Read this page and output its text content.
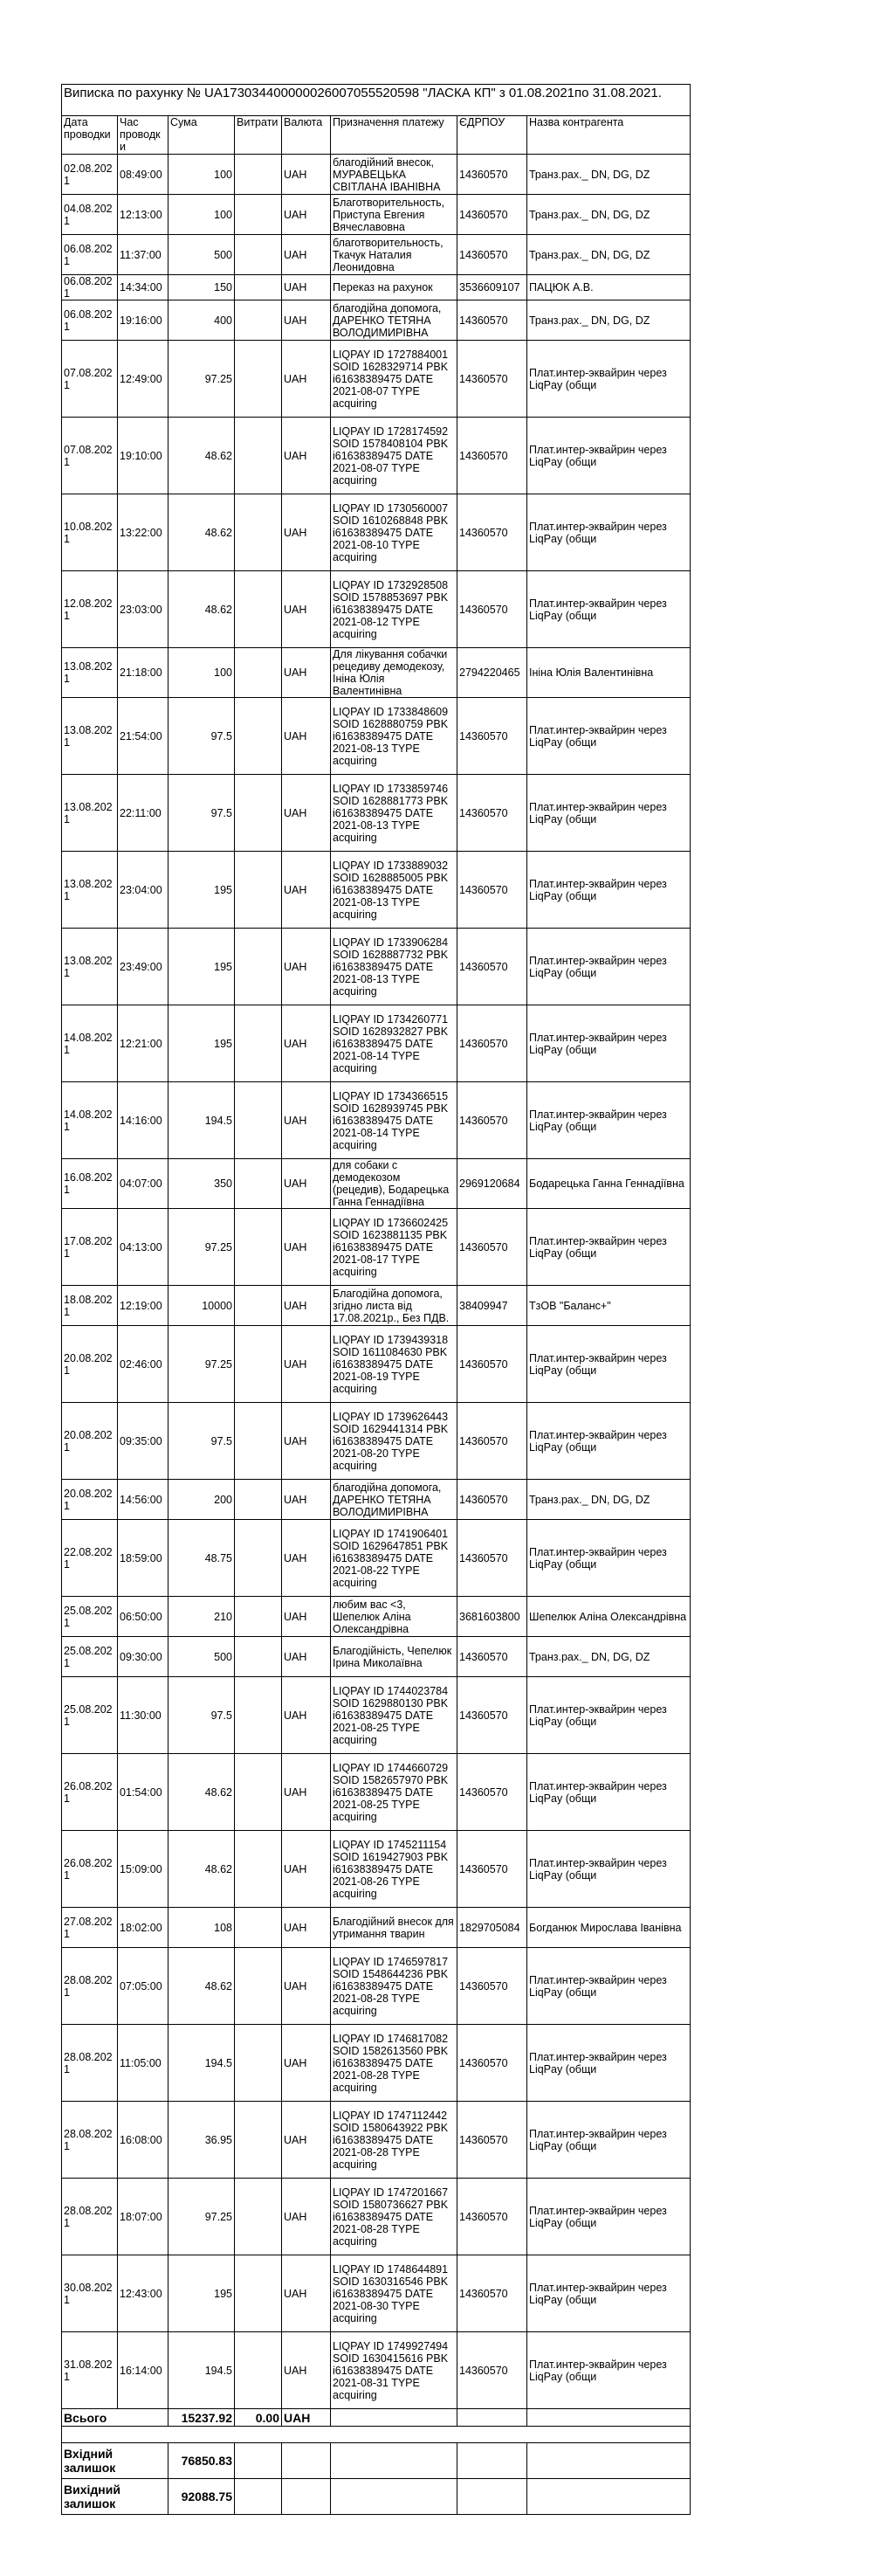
Виписка по рахунку № UA173034400000026007055520598 "ЛАСКА КП" з 01.08.2021по 31.08.2021.							
Дата проводки	Час проводки	Сума	Витрати	Валюта	Призначення платежу	ЄДРПОУ	Назва контрагента
02.08.2021	08:49:00	100		UAH	благодійний внесок, МУРАВЕЦЬКА СВІТЛАНА ІВАНІВНА	14360570	Транз.рах._ DN, DG, DZ
04.08.2021	12:13:00	100		UAH	Благотворительность, Приступа Евгения Вячеславовна	14360570	Транз.рах._ DN, DG, DZ
06.08.2021	11:37:00	500		UAH	благотворительность, Ткачук Наталия Леонидовна	14360570	Транз.рах._ DN, DG, DZ
06.08.2021	14:34:00	150		UAH	Переказ на рахунок	3536609107	ПАЦЮК А.В.
06.08.2021	19:16:00	400		UAH	благодійна допомога, ДАРЕНКО ТЕТЯНА ВОЛОДИМИРІВНА	14360570	Транз.рах._ DN, DG, DZ
07.08.2021	12:49:00	97.25		UAH	LIQPAY ID 1727884001 SOID 1628329714 PBK i61638389475 DATE 2021-08-07 TYPE acquiring	14360570	Плат.интер-эквайрин через LiqPay (общи
07.08.2021	19:10:00	48.62		UAH	LIQPAY ID 1728174592 SOID 1578408104 PBK i61638389475 DATE 2021-08-07 TYPE acquiring	14360570	Плат.интер-эквайрин через LiqPay (общи
10.08.2021	13:22:00	48.62		UAH	LIQPAY ID 1730560007 SOID 1610268848 PBK i61638389475 DATE 2021-08-10 TYPE acquiring	14360570	Плат.интер-эквайрин через LiqPay (общи
12.08.2021	23:03:00	48.62		UAH	LIQPAY ID 1732928508 SOID 1578853697 PBK i61638389475 DATE 2021-08-12 TYPE acquiring	14360570	Плат.интер-эквайрин через LiqPay (общи
13.08.2021	21:18:00	100		UAH	Для лікування собачки рецедиву демодекозу, Ініна Юлія Валентинівна	2794220465	Ініна Юлія Валентинівна
13.08.2021	21:54:00	97.5		UAH	LIQPAY ID 1733848609 SOID 1628880759 PBK i61638389475 DATE 2021-08-13 TYPE acquiring	14360570	Плат.интер-эквайрин через LiqPay (общи
13.08.2021	22:11:00	97.5		UAH	LIQPAY ID 1733859746 SOID 1628881773 PBK i61638389475 DATE 2021-08-13 TYPE acquiring	14360570	Плат.интер-эквайрин через LiqPay (общи
13.08.2021	23:04:00	195		UAH	LIQPAY ID 1733889032 SOID 1628885005 PBK i61638389475 DATE 2021-08-13 TYPE acquiring	14360570	Плат.интер-эквайрин через LiqPay (общи
13.08.2021	23:49:00	195		UAH	LIQPAY ID 1733906284 SOID 1628887732 PBK i61638389475 DATE 2021-08-13 TYPE acquiring	14360570	Плат.интер-эквайрин через LiqPay (общи
14.08.2021	12:21:00	195		UAH	LIQPAY ID 1734260771 SOID 1628932827 PBK i61638389475 DATE 2021-08-14 TYPE acquiring	14360570	Плат.интер-эквайрин через LiqPay (общи
14.08.2021	14:16:00	194.5		UAH	LIQPAY ID 1734366515 SOID 1628939745 PBK i61638389475 DATE 2021-08-14 TYPE acquiring	14360570	Плат.интер-эквайрин через LiqPay (общи
16.08.2021	04:07:00	350		UAH	для собаки с демодекозом (рецедив), Бодарецька Ганна Геннадіївна	2969120684	Бодарецька Ганна Геннадіївна
17.08.2021	04:13:00	97.25		UAH	LIQPAY ID 1736602425 SOID 1623881135 PBK i61638389475 DATE 2021-08-17 TYPE acquiring	14360570	Плат.интер-эквайрин через LiqPay (общи
18.08.2021	12:19:00	10000		UAH	Благодійна допомога, згідно листа від 17.08.2021р., Без ПДВ.	38409947	ТзОВ "Баланс+"
20.08.2021	02:46:00	97.25		UAH	LIQPAY ID 1739439318 SOID 1611084630 PBK i61638389475 DATE 2021-08-19 TYPE acquiring	14360570	Плат.интер-эквайрин через LiqPay (общи
20.08.2021	09:35:00	97.5		UAH	LIQPAY ID 1739626443 SOID 1629441314 PBK i61638389475 DATE 2021-08-20 TYPE acquiring	14360570	Плат.интер-эквайрин через LiqPay (общи
20.08.2021	14:56:00	200		UAH	благодійна допомога, ДАРЕНКО ТЕТЯНА ВОЛОДИМИРІВНА	14360570	Транз.рах._ DN, DG, DZ
22.08.2021	18:59:00	48.75		UAH	LIQPAY ID 1741906401 SOID 1629647851 PBK i61638389475 DATE 2021-08-22 TYPE acquiring	14360570	Плат.интер-эквайрин через LiqPay (общи
25.08.2021	06:50:00	210		UAH	любим вас <3, Шепелюк Аліна Олександрівна	3681603800	Шепелюк Аліна Олександрівна
25.08.2021	09:30:00	500		UAH	Благодійність, Чепелюк Ірина Миколаївна	14360570	Транз.рах._ DN, DG, DZ
25.08.2021	11:30:00	97.5		UAH	LIQPAY ID 1744023784 SOID 1629880130 PBK i61638389475 DATE 2021-08-25 TYPE acquiring	14360570	Плат.интер-эквайрин через LiqPay (общи
26.08.2021	01:54:00	48.62		UAH	LIQPAY ID 1744660729 SOID 1582657970 PBK i61638389475 DATE 2021-08-25 TYPE acquiring	14360570	Плат.интер-эквайрин через LiqPay (общи
26.08.2021	15:09:00	48.62		UAH	LIQPAY ID 1745211154 SOID 1619427903 PBK i61638389475 DATE 2021-08-26 TYPE acquiring	14360570	Плат.интер-эквайрин через LiqPay (общи
27.08.2021	18:02:00	108		UAH	Благодійний внесок для утримання тварин	1829705084	Богданюк Мирослава Іванівна
28.08.2021	07:05:00	48.62		UAH	LIQPAY ID 1746597817 SOID 1548644236 PBK i61638389475 DATE 2021-08-28 TYPE acquiring	14360570	Плат.интер-эквайрин через LiqPay (общи
28.08.2021	11:05:00	194.5		UAH	LIQPAY ID 1746817082 SOID 1582613560 PBK i61638389475 DATE 2021-08-28 TYPE acquiring	14360570	Плат.интер-эквайрин через LiqPay (общи
28.08.2021	16:08:00	36.95		UAH	LIQPAY ID 1747112442 SOID 1580643922 PBK i61638389475 DATE 2021-08-28 TYPE acquiring	14360570	Плат.интер-эквайрин через LiqPay (общи
28.08.2021	18:07:00	97.25		UAH	LIQPAY ID 1747201667 SOID 1580736627 PBK i61638389475 DATE 2021-08-28 TYPE acquiring	14360570	Плат.интер-эквайрин через LiqPay (общи
30.08.2021	12:43:00	195		UAH	LIQPAY ID 1748644891 SOID 1630316546 PBK i61638389475 DATE 2021-08-30 TYPE acquiring	14360570	Плат.интер-эквайрин через LiqPay (общи
31.08.2021	16:14:00	194.5		UAH	LIQPAY ID 1749927494 SOID 1630415616 PBK i61638389475 DATE 2021-08-31 TYPE acquiring	14360570	Плат.интер-эквайрин через LiqPay (общи
Всього		15237.92	0.00	UAH			

Вхідний залишок		76850.83					
Вихідний залишок		92088.75					
